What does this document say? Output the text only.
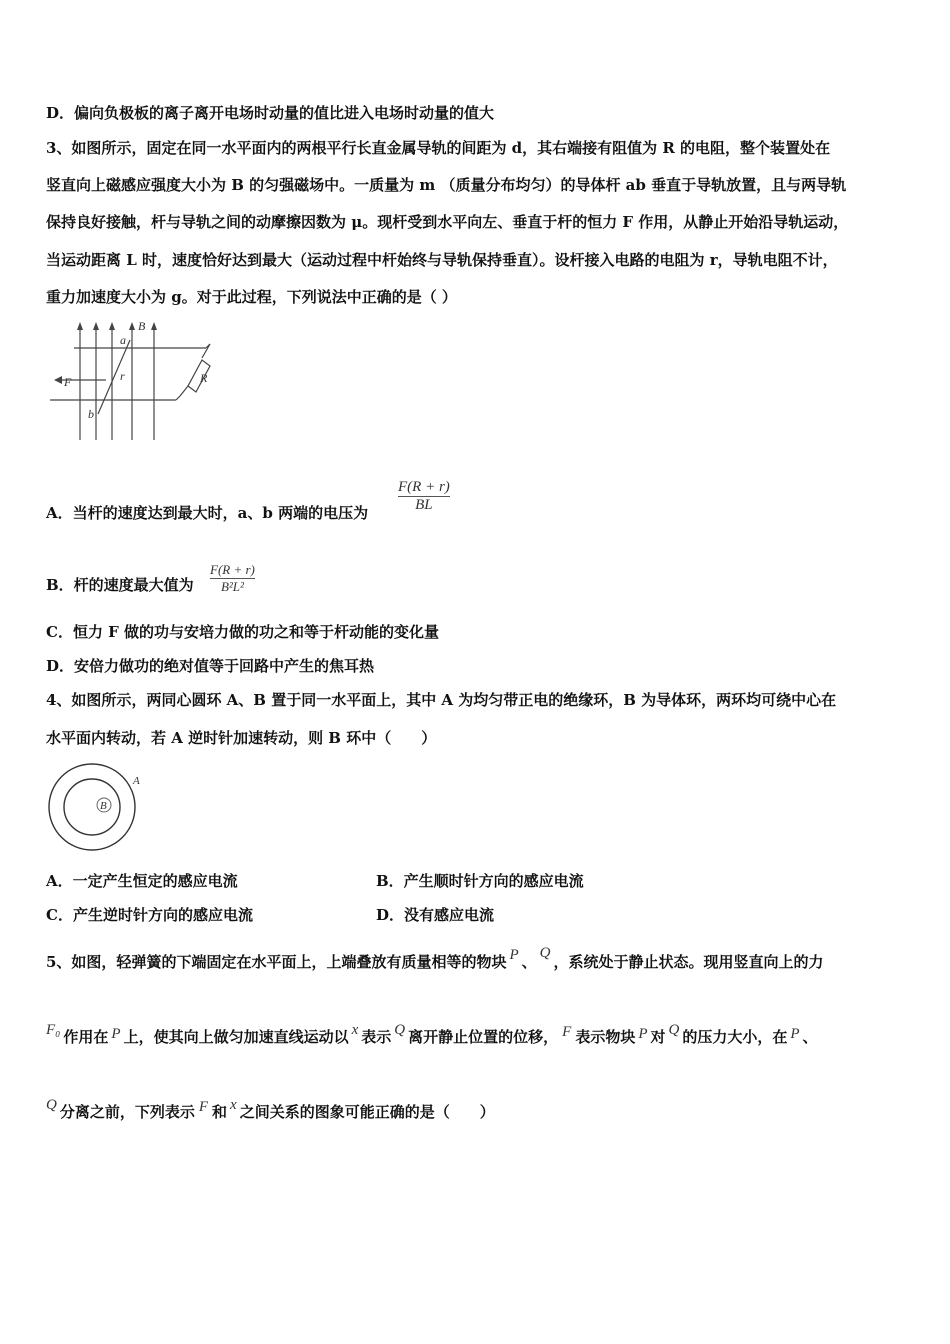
D．偏向负极板的离子离开电场时动量的值比进入电场时动量的值大
3、如图所示，固定在同一水平面内的两根平行长直金属导轨的间距为 d，其右端接有阻值为 R 的电阻，整个装置处在
竖直向上磁感应强度大小为 B 的匀强磁场中。一质量为 m （质量分布均匀）的导体杆 ab 垂直于导轨放置，且与两导轨
保持良好接触，杆与导轨之间的动摩擦因数为 μ。现杆受到水平向左、垂直于杆的恒力 F 作用，从静止开始沿导轨运动，
当运动距离 L 时，速度恰好达到最大（运动过程中杆始终与导轨保持垂直）。设杆接入电路的电阻为 r，导轨电阻不计，
重力加速度大小为 g。对于此过程，下列说法中正确的是（ ）
B
a
F	r	R
b
A．当杆的速度达到最大时，a、b 两端的电压为
F(R + r)
BL
B．杆的速度最大值为
F(R + r)
B²L²
C．恒力 F 做的功与安培力做的功之和等于杆动能的变化量
D．安倍力做功的绝对值等于回路中产生的焦耳热
4、如图所示，两同心圆环 A、B 置于同一水平面上，其中 A 为均匀带正电的绝缘环，B 为导体环，两环均可绕中心在
水平面内转动，若 A 逆时针加速转动，则 B 环中（　　）
A
B
A．一定产生恒定的感应电流	B．产生顺时针方向的感应电流
C．产生逆时针方向的感应电流	D．没有感应电流
5、如图，轻弹簧的下端固定在水平面上，上端叠放有质量相等的物块 P 、 Q ，系统处于静止状态。现用竖直向上的力
F₀ 作用在 P 上，使其向上做匀加速直线运动以 x 表示 Q 离开静止位置的位移， F 表示物块 P 对 Q 的压力大小，在 P 、
Q 分离之前，下列表示 F 和 x 之间关系的图象可能正确的是（　　）
